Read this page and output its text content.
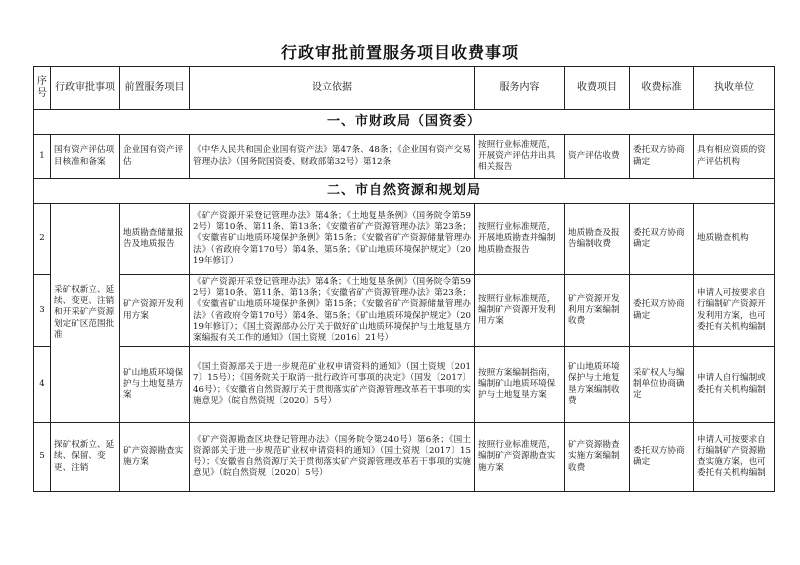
行政审批前置服务项目收费事项
序号	行政审批事项	前置服务项目	设立依据	服务内容	收费项目	收费标准	执收单位
一、市财政局（国资委）							
1	国有资产评估项目核准和备案	企业国有资产评估	《中华人民共和国企业国有资产法》第47条、48条；《企业国有资产交易管理办法》（国务院国资委、财政部第32号）第12条	按照行业标准规范，开展资产评估并出具相关报告	资产评估收费	委托双方协商确定	具有相应资质的资产评估机构
二、市自然资源和规划局							
2	采矿权新立、延续、变更、注销和开采矿产资源划定矿区范围批准	地质勘查储量报告及地质报告	《矿产资源开采登记管理办法》第4条；《土地复垦条例》（国务院令第592号）第10条、第11条、第13条；《安徽省矿产资源管理办法》第23条；《安徽省矿山地质环境保护条例》第15条；《安徽省矿产资源储量管理办法》（省政府令第170号）第4条、第5条；《矿山地质环境保护规定》（2019年修订）	按照行业标准规范，开展地质勘查并编制地质勘查报告	地质勘查及报告编制收费	委托双方协商确定	地质勘查机构
3		矿产资源开发利用方案	《矿产资源开采登记管理办法》第4条；《土地复垦条例》（国务院令第592号）第10条、第11条、第13条；《安徽省矿产资源管理办法》第23条；《安徽省矿山地质环境保护条例》第15条；《安徽省矿产资源储量管理办法》（省政府令第170号）第4条、第5条；《矿山地质环境保护规定》（2019年修订）；《国土资源部办公厅关于做好矿山地质环境保护与土地复垦方案编报有关工作的通知》（国土资规〔2016〕21号）	按照行业标准规范，编制矿产资源开发利用方案	矿产资源开发利用方案编制收费	委托双方协商确定	申请人可按要求自行编制矿产资源开发利用方案，也可委托有关机构编制
4		矿山地质环境保护与土地复垦方案	《国土资源部关于进一步规范矿业权申请资料的通知》（国土资规〔2017〕15号）；《国务院关于取消一批行政许可事项的决定》（国发〔2017〕46号）；《安徽省自然资源厅关于贯彻落实矿产资源管理改革若干事项的实施意见》（皖自然资规〔2020〕5号）	按照方案编制指南，编制矿山地质环境保护与土地复垦方案	矿山地质环境保护与土地复垦方案编制收费	采矿权人与编制单位协商确定	申请人自行编制或委托有关机构编制
5	探矿权新立、延续、保留、变更、注销	矿产资源勘查实施方案	《矿产资源勘查区块登记管理办法》（国务院令第240号）第6条；《国土资源部关于进一步规范矿业权申请资料的通知》（国土资规〔2017〕15号）；《安徽省自然资源厅关于贯彻落实矿产资源管理改革若干事项的实施意见》（皖自然资规〔2020〕5号）	按照行业标准规范，编制矿产资源勘查实施方案	矿产资源勘查实施方案编制收费	委托双方协商确定	申请人可按要求自行编制矿产资源勘查实施方案，也可委托有关机构编制
